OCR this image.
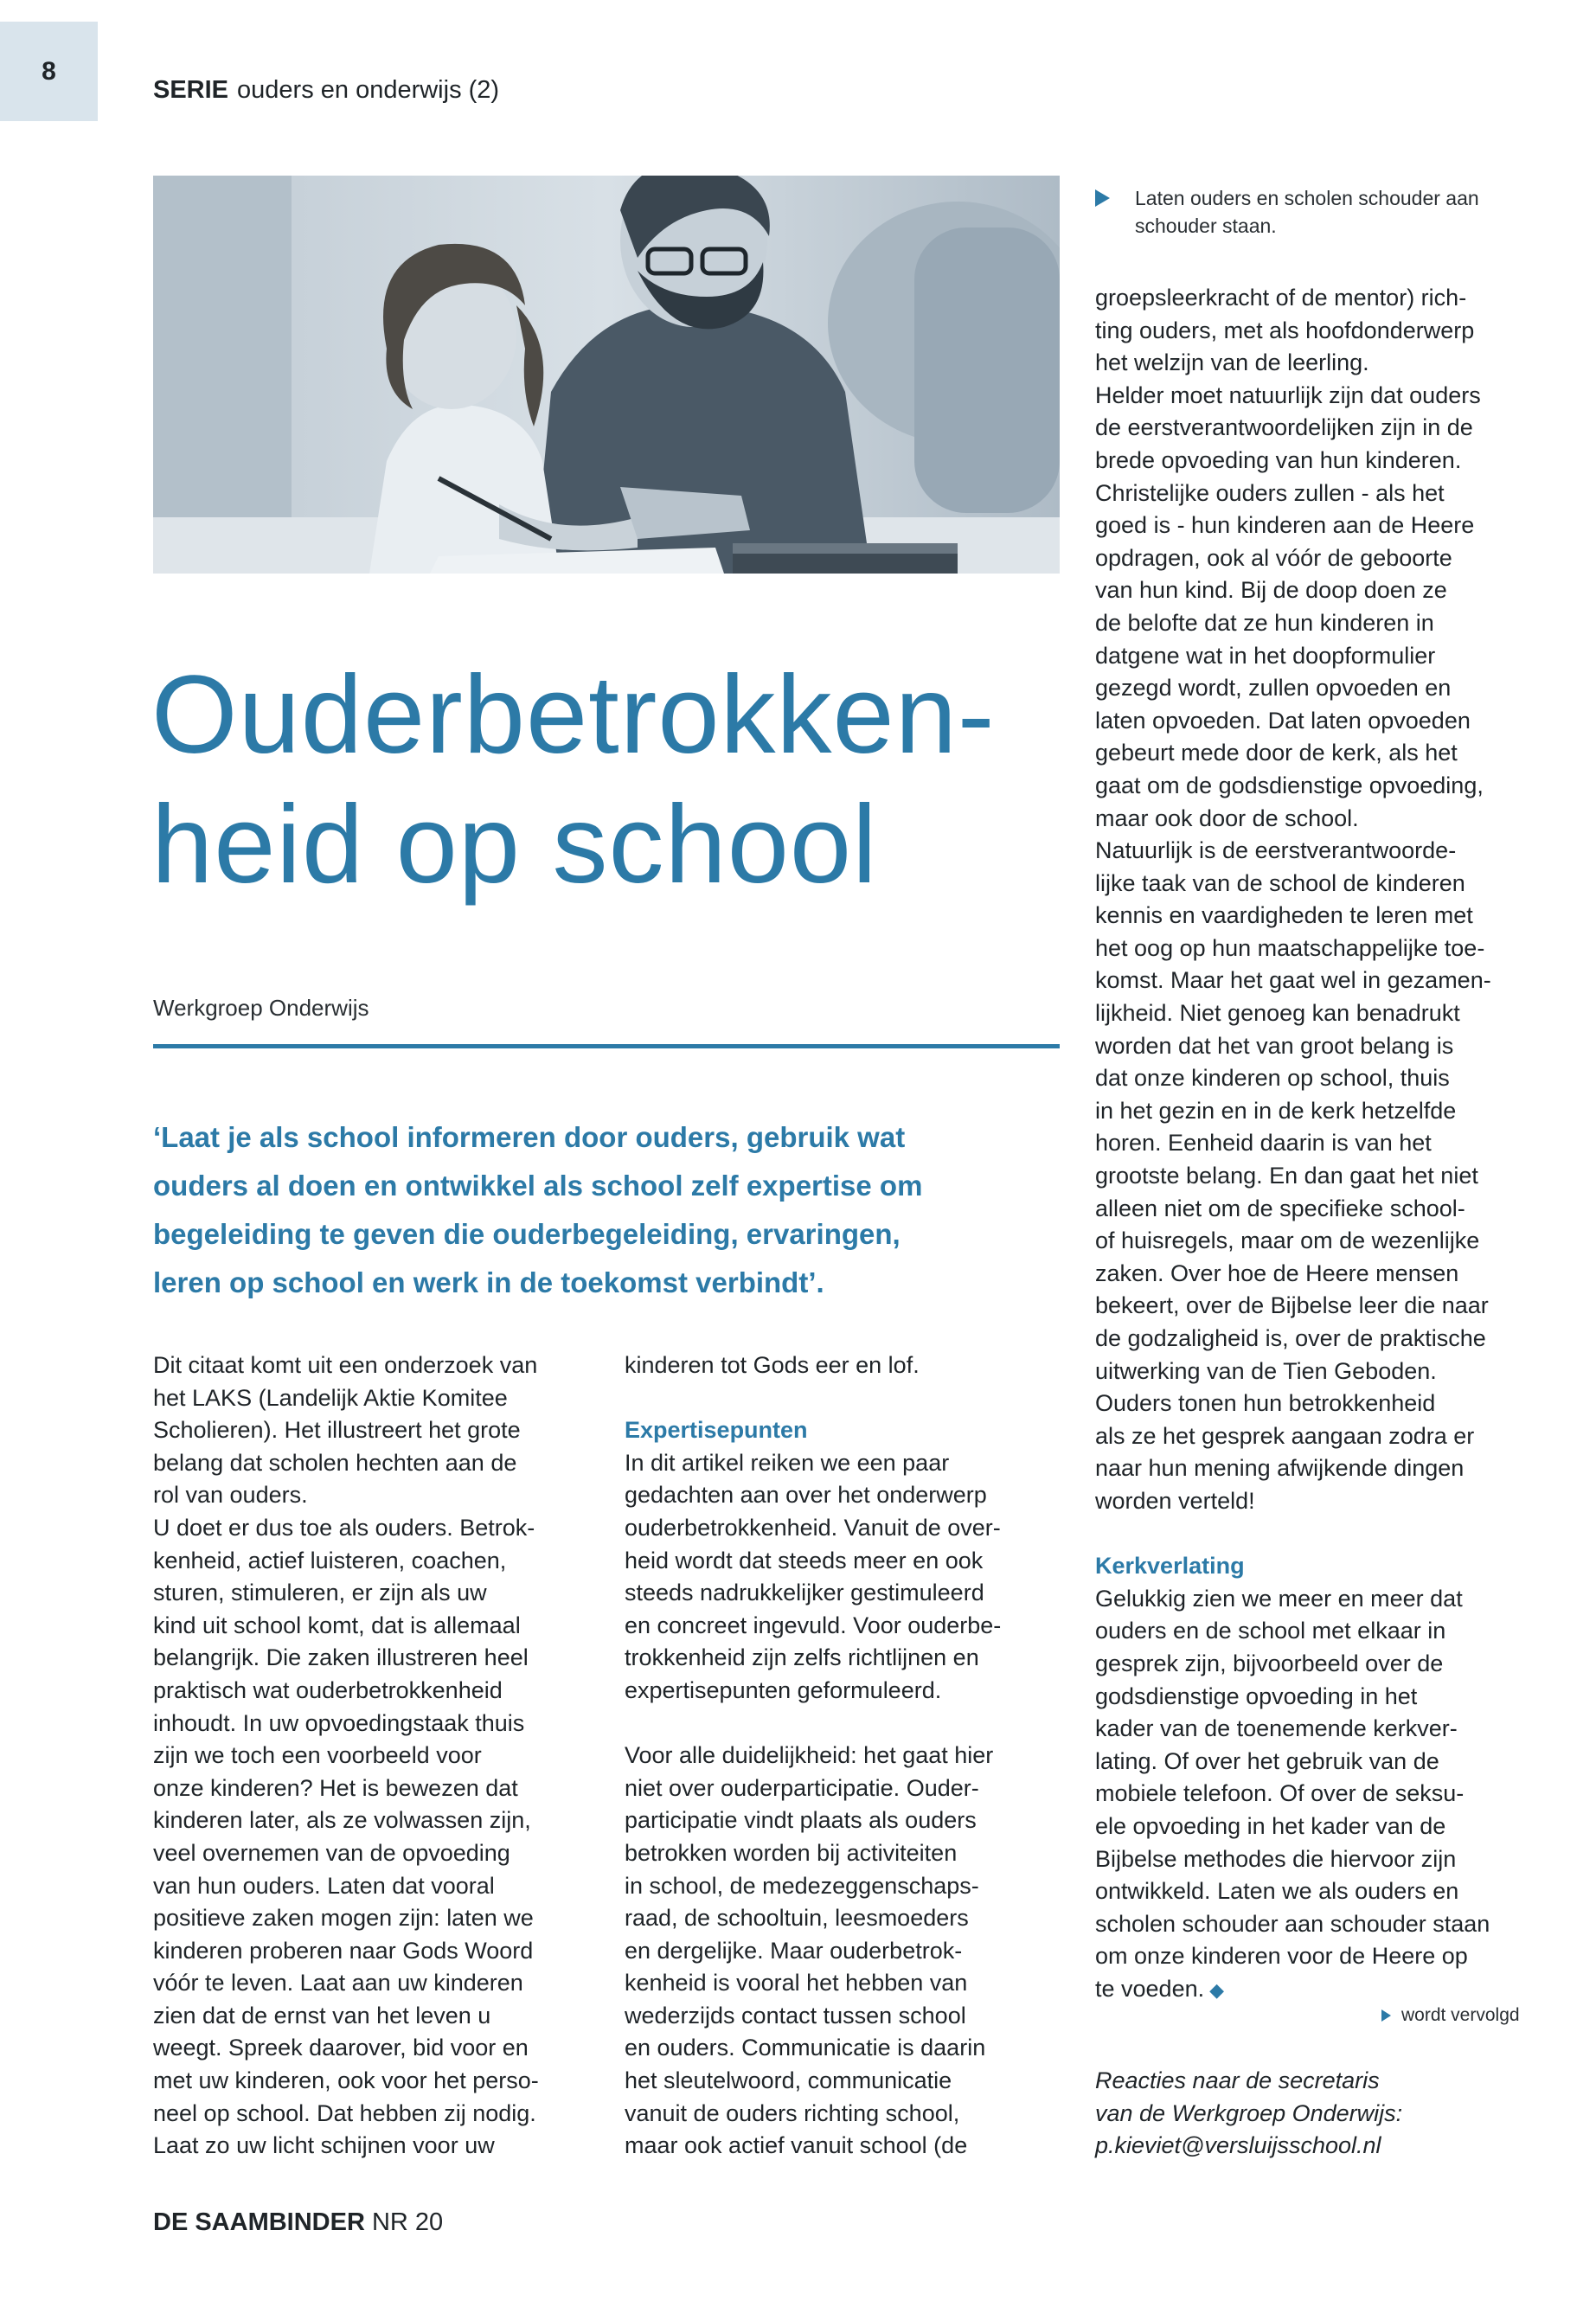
8
SERIE ouders en onderwijs (2)
Laten ouders en scholen schouder aan schouder staan.
Ouderbetrokken-
heid op school
Werkgroep Onderwijs
‘Laat je als school informeren door ouders, gebruik wat
ouders al doen en ontwikkel als school zelf expertise om
begeleiding te geven die ouderbegeleiding, ervaringen,
leren op school en werk in de toekomst verbindt’.
Dit citaat komt uit een onderzoek van
het LAKS (Landelijk Aktie Komitee
Scholieren). Het illustreert het grote
belang dat scholen hechten aan de
rol van ouders.
U doet er dus toe als ouders. Betrok-
kenheid, actief luisteren, coachen,
sturen, stimuleren, er zijn als uw
kind uit school komt, dat is allemaal
belangrijk. Die zaken illustreren heel
praktisch wat ouderbetrokkenheid
inhoudt. In uw opvoedingstaak thuis
zijn we toch een voorbeeld voor
onze kinderen? Het is bewezen dat
kinderen later, als ze volwassen zijn,
veel overnemen van de opvoeding
van hun ouders. Laten dat vooral
positieve zaken mogen zijn: laten we
kinderen proberen naar Gods Woord
vóór te leven. Laat aan uw kinderen
zien dat de ernst van het leven u
weegt. Spreek daarover, bid voor en
met uw kinderen, ook voor het perso-
neel op school. Dat hebben zij nodig.
Laat zo uw licht schijnen voor uw
kinderen tot Gods eer en lof.
Expertisepunten
In dit artikel reiken we een paar
gedachten aan over het onderwerp
ouderbetrokkenheid. Vanuit de over-
heid wordt dat steeds meer en ook
steeds nadrukkelijker gestimuleerd
en concreet ingevuld. Voor ouderbe-
trokkenheid zijn zelfs richtlijnen en
expertisepunten geformuleerd.
Voor alle duidelijkheid: het gaat hier
niet over ouderparticipatie. Ouder-
participatie vindt plaats als ouders
betrokken worden bij activiteiten
in school, de medezeggenschaps-
raad, de schooltuin, leesmoeders
en dergelijke. Maar ouderbetrok-
kenheid is vooral het hebben van
wederzijds contact tussen school
en ouders. Communicatie is daarin
het sleutelwoord, communicatie
vanuit de ouders richting school,
maar ook actief vanuit school (de
groepsleerkracht of de mentor) rich-
ting ouders, met als hoofdonderwerp
het welzijn van de leerling.
Helder moet natuurlijk zijn dat ouders
de eerstverantwoordelijken zijn in de
brede opvoeding van hun kinderen.
Christelijke ouders zullen - als het
goed is - hun kinderen aan de Heere
opdragen, ook al vóór de geboorte
van hun kind. Bij de doop doen ze
de belofte dat ze hun kinderen in
datgene wat in het doopformulier
gezegd wordt, zullen opvoeden en
laten opvoeden. Dat laten opvoeden
gebeurt mede door de kerk, als het
gaat om de godsdienstige opvoeding,
maar ook door de school.
Natuurlijk is de eerstverantwoorde-
lijke taak van de school de kinderen
kennis en vaardigheden te leren met
het oog op hun maatschappelijke toe-
komst. Maar het gaat wel in gezamen-
lijkheid. Niet genoeg kan benadrukt
worden dat het van groot belang is
dat onze kinderen op school, thuis
in het gezin en in de kerk hetzelfde
horen. Eenheid daarin is van het
grootste belang. En dan gaat het niet
alleen niet om de specifieke school-
of huisregels, maar om de wezenlijke
zaken. Over hoe de Heere mensen
bekeert, over de Bijbelse leer die naar
de godzaligheid is, over de praktische
uitwerking van de Tien Geboden.
Ouders tonen hun betrokkenheid
als ze het gesprek aangaan zodra er
naar hun mening afwijkende dingen
worden verteld!
Kerkverlating
Gelukkig zien we meer en meer dat
ouders en de school met elkaar in
gesprek zijn, bijvoorbeeld over de
godsdienstige opvoeding in het
kader van de toenemende kerkver-
lating. Of over het gebruik van de
mobiele telefoon. Of over de seksu-
ele opvoeding in het kader van de
Bijbelse methodes die hiervoor zijn
ontwikkeld. Laten we als ouders en
scholen schouder aan schouder staan
om onze kinderen voor de Heere op
te voeden. ◆
wordt vervolgd
Reacties naar de secretaris
van de Werkgroep Onderwijs:
p.kieviet@versluijsschool.nl
DE SAAMBINDER NR 20
